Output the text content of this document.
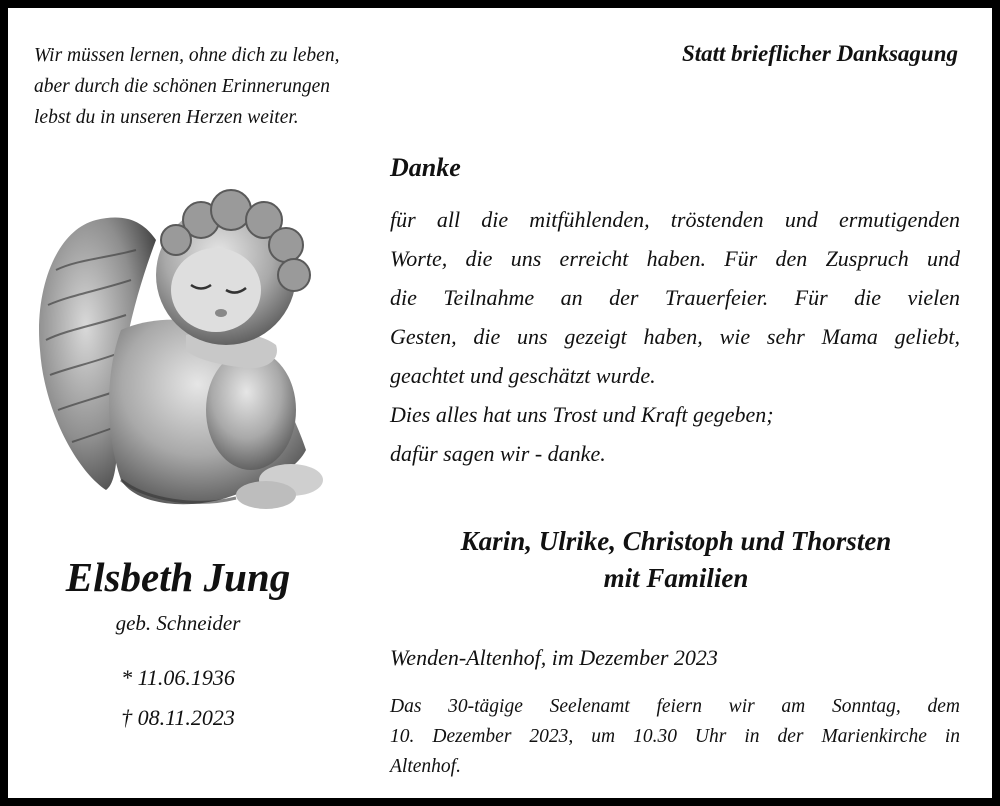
Wir müssen lernen, ohne dich zu leben,
aber durch die schönen Erinnerungen
lebst du in unseren Herzen weiter.
Statt brieflicher Danksagung
Danke
für all die mitfühlenden, tröstenden und ermutigenden
Worte, die uns erreicht haben. Für den Zuspruch und
die Teilnahme an der Trauerfeier. Für die vielen
Gesten, die uns gezeigt haben, wie sehr Mama geliebt,
geachtet und geschätzt wurde.
Dies alles hat uns Trost und Kraft gegeben;
dafür sagen wir - danke.
Karin, Ulrike, Christoph und Thorsten
mit Familien
Wenden-Altenhof, im Dezember 2023
Das 30-tägige Seelenamt feiern wir am Sonntag, dem
10. Dezember 2023, um 10.30 Uhr in der Marienkirche in
Altenhof.
Elsbeth Jung
geb. Schneider
* 11.06.1936
† 08.11.2023
